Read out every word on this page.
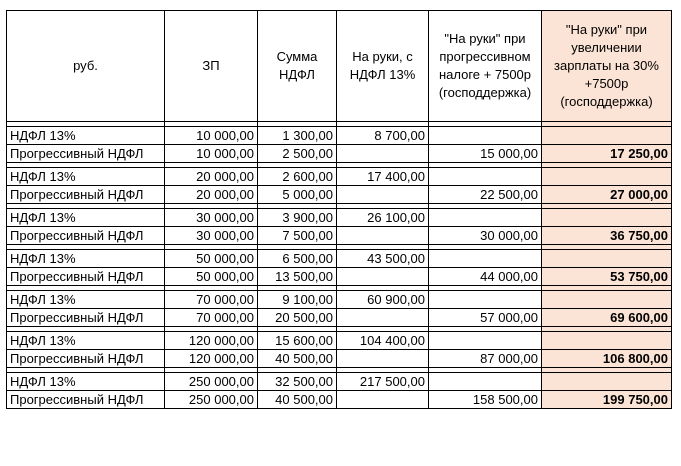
руб.	ЗП	Сумма НДФЛ	На руки, с НДФЛ 13%	"На руки" при прогрессивном налоге + 7500р (господдержка)	"На руки" при увеличении зарплаты на 30% +7500р (господдержка)

НДФЛ 13%	10 000,00	1 300,00	8 700,00		
Прогрессивный НДФЛ	10 000,00	2 500,00		15 000,00	17 250,00

НДФЛ 13%	20 000,00	2 600,00	17 400,00		
Прогрессивный НДФЛ	20 000,00	5 000,00		22 500,00	27 000,00

НДФЛ 13%	30 000,00	3 900,00	26 100,00		
Прогрессивный НДФЛ	30 000,00	7 500,00		30 000,00	36 750,00

НДФЛ 13%	50 000,00	6 500,00	43 500,00		
Прогрессивный НДФЛ	50 000,00	13 500,00		44 000,00	53 750,00

НДФЛ 13%	70 000,00	9 100,00	60 900,00		
Прогрессивный НДФЛ	70 000,00	20 500,00		57 000,00	69 600,00

НДФЛ 13%	120 000,00	15 600,00	104 400,00		
Прогрессивный НДФЛ	120 000,00	40 500,00		87 000,00	106 800,00

НДФЛ 13%	250 000,00	32 500,00	217 500,00		
Прогрессивный НДФЛ	250 000,00	40 500,00		158 500,00	199 750,00
